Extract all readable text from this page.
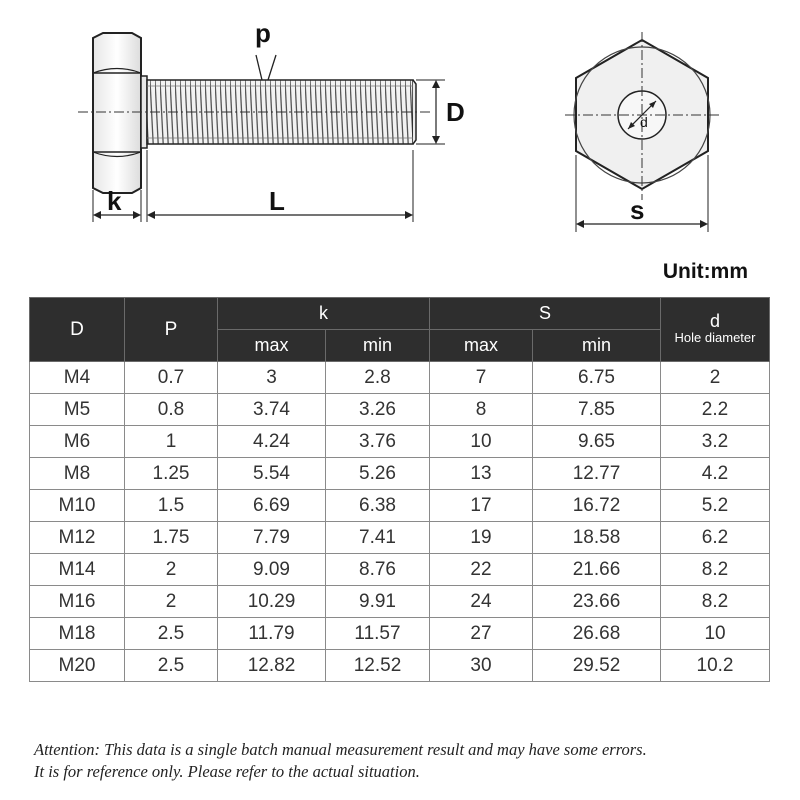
p
D
k	L
d
s
Unit:mm
D	P	k		S		d
Hole diameter

		max	min	max	min	
M4	0.7	3	2.8	7	6.75	2
M5	0.8	3.74	3.26	8	7.85	2.2
M6	1	4.24	3.76	10	9.65	3.2
M8	1.25	5.54	5.26	13	12.77	4.2
M10	1.5	6.69	6.38	17	16.72	5.2
M12	1.75	7.79	7.41	19	18.58	6.2
M14	2	9.09	8.76	22	21.66	8.2
M16	2	10.29	9.91	24	23.66	8.2
M18	2.5	11.79	11.57	27	26.68	10
M20	2.5	12.82	12.52	30	29.52	10.2
Attention: This data is a single batch manual measurement result and may have some errors.
It is for reference only. Please refer to the actual situation.
